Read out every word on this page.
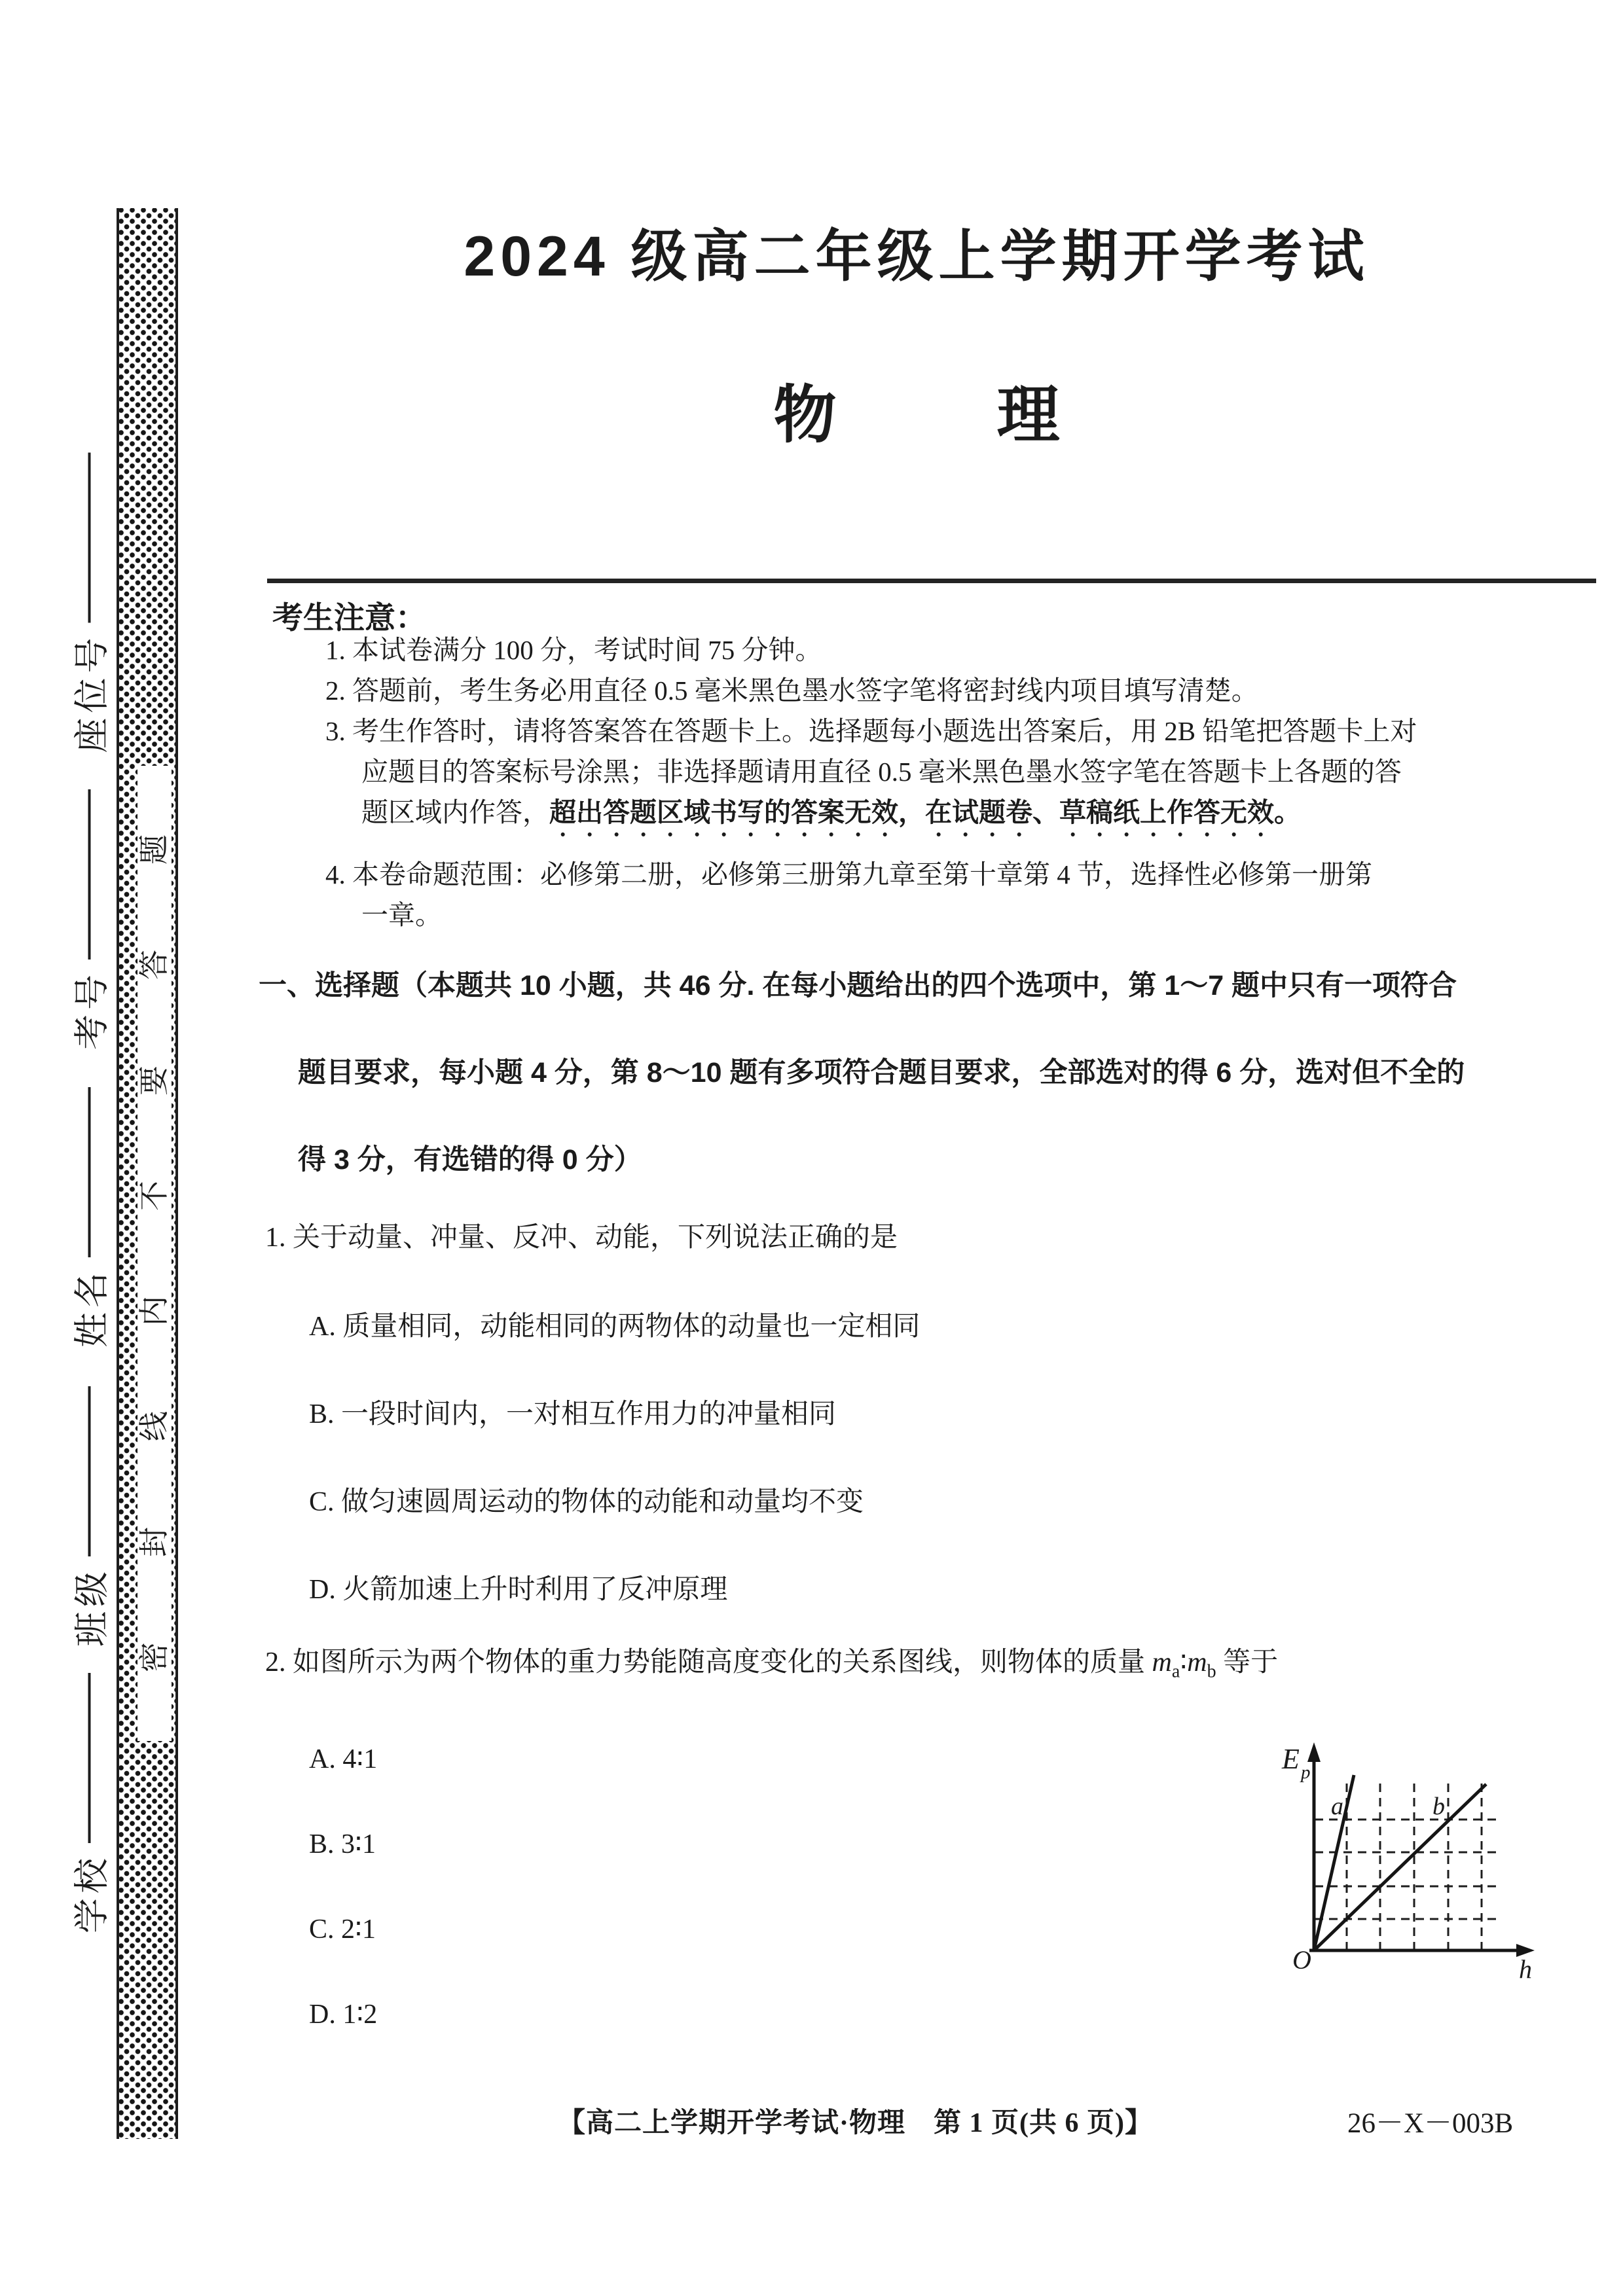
座位号
考号
姓名
班级
学校
题
答
要
不
内
线
封
密
2024 级高二年级上学期开学考试
物	理
考生注意：
1. 本试卷满分 100 分，考试时间 75 分钟。
2. 答题前，考生务必用直径 0.5 毫米黑色墨水签字笔将密封线内项目填写清楚。
3. 考生作答时，请将答案答在答题卡上。选择题每小题选出答案后，用 2B 铅笔把答题卡上对
应题目的答案标号涂黑；非选择题请用直径 0.5 毫米黑色墨水签字笔在答题卡上各题的答
题区域内作答，超出答题区域书写的答案无效，在试题卷、草稿纸上作答无效。
4. 本卷命题范围：必修第二册，必修第三册第九章至第十章第 4 节，选择性必修第一册第
一章。
一、选择题（本题共 10 小题，共 46 分. 在每小题给出的四个选项中，第 1～7 题中只有一项符合
题目要求，每小题 4 分，第 8～10 题有多项符合题目要求，全部选对的得 6 分，选对但不全的
得 3 分，有选错的得 0 分）
1. 关于动量、冲量、反冲、动能，下列说法正确的是
A. 质量相同，动能相同的两物体的动量也一定相同
B. 一段时间内，一对相互作用力的冲量相同
C. 做匀速圆周运动的物体的动能和动量均不变
D. 火箭加速上升时利用了反冲原理
2. 如图所示为两个物体的重力势能随高度变化的关系图线，则物体的质量 $m_a∶m_b$ 等于
A. 4∶1
B. 3∶1
C. 2∶1
D. 1∶2
E p
O	h
a	b
【高二上学期开学考试·物理　第 1 页(共 6 页)】	26－X－003B
